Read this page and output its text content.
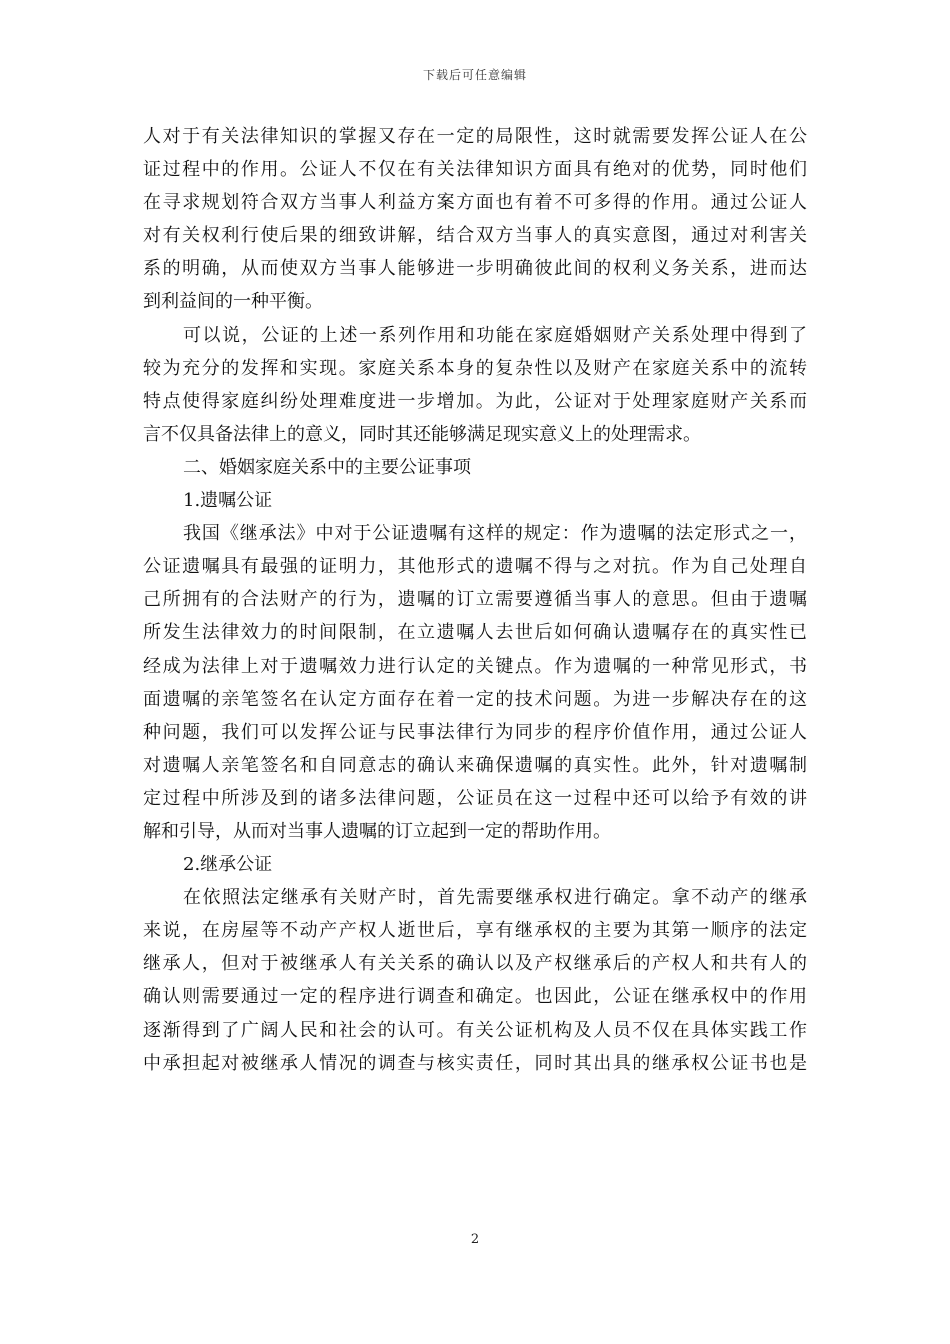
下载后可任意编辑
人对于有关法律知识的掌握又存在一定的局限性，这时就需要发挥公证人在公
证过程中的作用。公证人不仅在有关法律知识方面具有绝对的优势，同时他们
在寻求规划符合双方当事人利益方案方面也有着不可多得的作用。通过公证人
对有关权利行使后果的细致讲解，结合双方当事人的真实意图，通过对利害关
系的明确，从而使双方当事人能够进一步明确彼此间的权利义务关系，进而达
到利益间的一种平衡。
可以说，公证的上述一系列作用和功能在家庭婚姻财产关系处理中得到了
较为充分的发挥和实现。家庭关系本身的复杂性以及财产在家庭关系中的流转
特点使得家庭纠纷处理难度进一步增加。为此，公证对于处理家庭财产关系而
言不仅具备法律上的意义，同时其还能够满足现实意义上的处理需求。
二、婚姻家庭关系中的主要公证事项
1.遗嘱公证
我国《继承法》中对于公证遗嘱有这样的规定：作为遗嘱的法定形式之一，
公证遗嘱具有最强的证明力，其他形式的遗嘱不得与之对抗。作为自己处理自
己所拥有的合法财产的行为，遗嘱的订立需要遵循当事人的意思。但由于遗嘱
所发生法律效力的时间限制，在立遗嘱人去世后如何确认遗嘱存在的真实性已
经成为法律上对于遗嘱效力进行认定的关键点。作为遗嘱的一种常见形式，书
面遗嘱的亲笔签名在认定方面存在着一定的技术问题。为进一步解决存在的这
种问题，我们可以发挥公证与民事法律行为同步的程序价值作用，通过公证人
对遗嘱人亲笔签名和自同意志的确认来确保遗嘱的真实性。此外，针对遗嘱制
定过程中所涉及到的诸多法律问题，公证员在这一过程中还可以给予有效的讲
解和引导，从而对当事人遗嘱的订立起到一定的帮助作用。
2.继承公证
在依照法定继承有关财产时，首先需要继承权进行确定。拿不动产的继承
来说，在房屋等不动产产权人逝世后，享有继承权的主要为其第一顺序的法定
继承人，但对于被继承人有关关系的确认以及产权继承后的产权人和共有人的
确认则需要通过一定的程序进行调查和确定。也因此，公证在继承权中的作用
逐渐得到了广阔人民和社会的认可。有关公证机构及人员不仅在具体实践工作
中承担起对被继承人情况的调查与核实责任，同时其出具的继承权公证书也是
2
